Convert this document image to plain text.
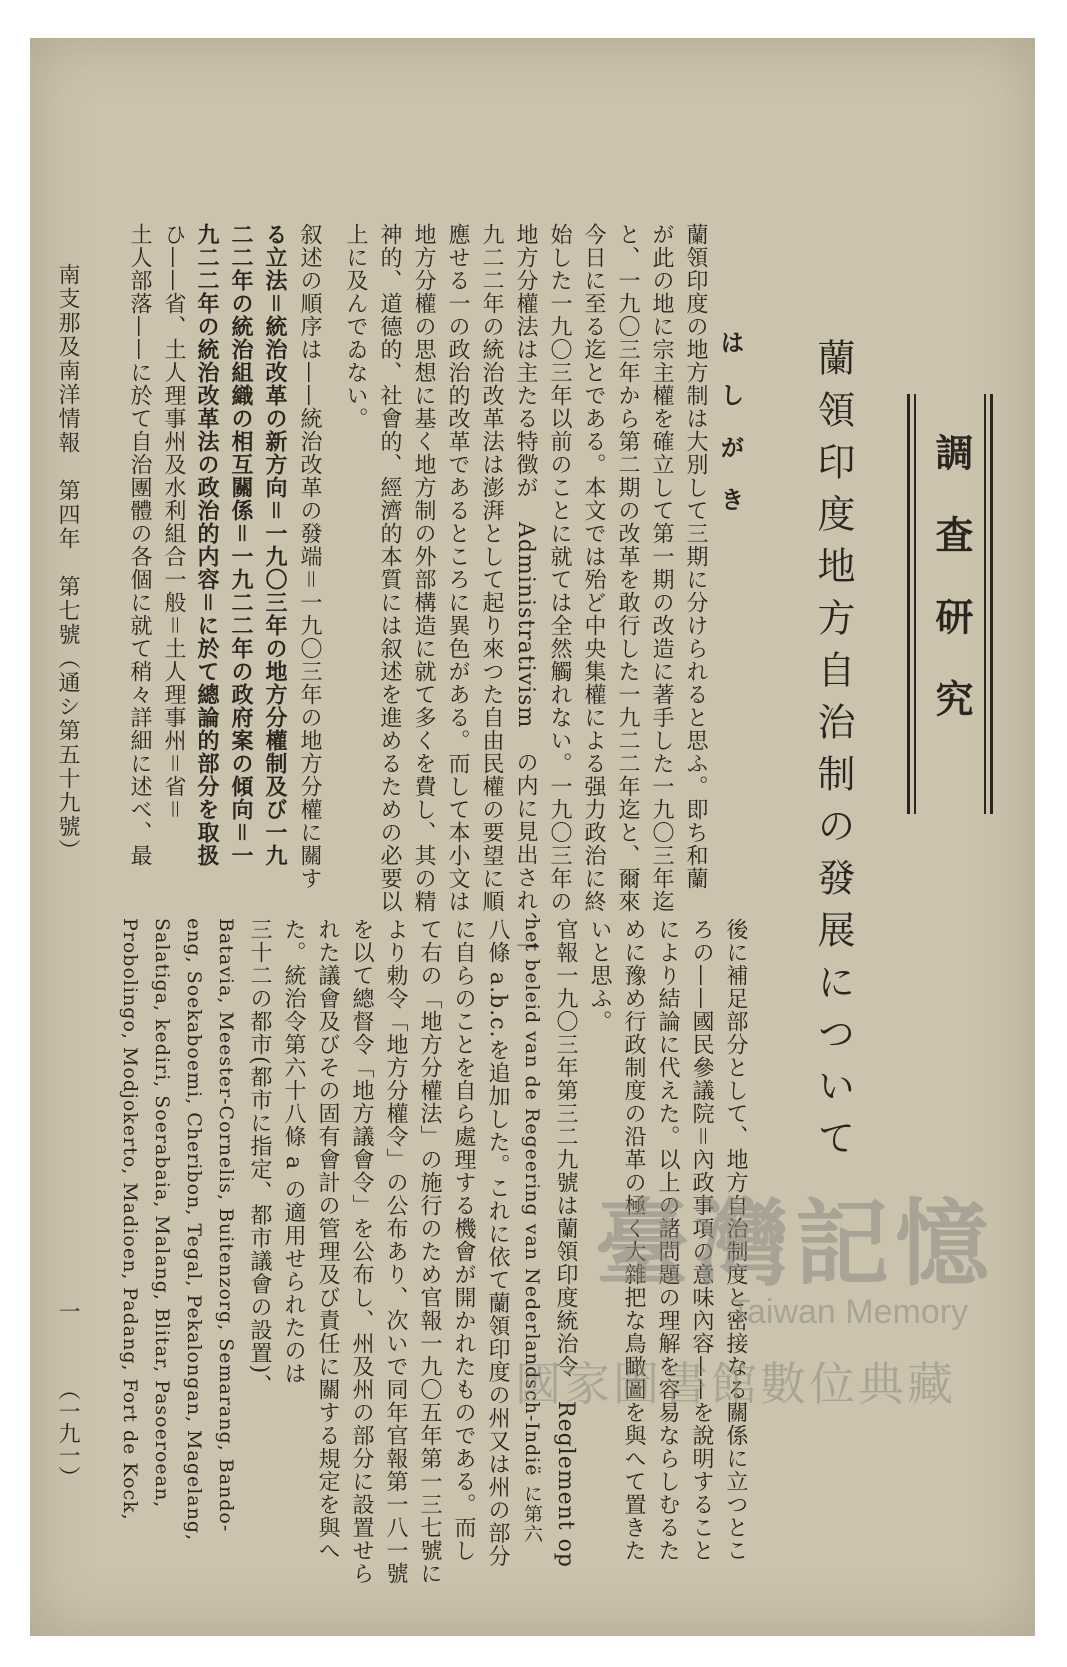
調査研究
蘭領印度地方自治制の發展について
は し が き
蘭領印度の地方制は大別して三期に分けられると思ふ。即ち和蘭
が此の地に宗主權を確立して第一期の改造に著手した一九〇三年迄
と、一九〇三年から第二期の改革を敢行した一九二二年迄と、爾來
今日に至る迄とである。本文では殆ど中央集權による强力政治に終
始した一九〇三年以前のことに就ては全然觸れない。一九〇三年の
地方分權法は主たる特徴が　Administrativism　の内に見出され、一
九二二年の統治改革法は澎湃として起り來つた自由民權の要望に順
應せる一の政治的改革であるところに異色がある。而して本小文は
地方分權の思想に基く地方制の外部構造に就て多くを費し、其の精
神的、道德的、社會的、經濟的本質には叙述を進めるための必要以
上に及んでゐない。
叙述の順序は——統治改革の發端＝一九〇三年の地方分權に關す
る立法＝統治改革の新方向＝一九〇三年の地方分權制及び一九
二二年の統治組織の相互關係＝一九二二年の政府案の傾向＝一
九二二年の統治改革法の政治的内容＝に於て總論的部分を取扱
ひ——省、土人理事州及水利組合一般＝土人理事州＝省＝
土人部落——に於て自治團體の各個に就て稍々詳細に述べ、最
後に補足部分として、地方自治制度と密接なる關係に立つとこ
ろの——國民參議院＝內政事項の意味內容——を說明すること
により結論に代えた。以上の諸問題の理解を容易ならしむるた
めに豫め行政制度の沿革の極く大雜把な鳥瞰圖を與へて置きた
いと思ふ。
官報一九〇三年第三二九號は蘭領印度統治令　Reglement op
het beleid van de Regeering van Nederlandsch-Indië に第六
八條 a.b.c.を追加した。これに依て蘭領印度の州又は州の部分
に自らのことを自ら處理する機會が開かれたものである。而し
て右の「地方分權法」の施行のため官報一九〇五年第一三七號に
より勅令「地方分權令」の公布あり、次いで同年官報第一八一號
を以て總督令「地方議會令」を公布し、州及州の部分に設置せら
れた議會及びその固有會計の管理及び責任に關する規定を與へ
た。統治令第六十八條 a の適用せられたのは
三十二の都市(都市に指定、都市議會の設置)、
Batavia, Meester-Cornelis, Buitenzorg, Semarang, Bando-
eng, Soekaboemi, Cheribon, Tegal, Pekalongan, Magelang,
Salatiga, kediri, Soerabaia, Malang, Blitar, Pasoeroean,
Probolingo, Modjokerto, Madioen, Padang, Fort de Kock,
南支那及南洋情報　第四年　第七號（通シ第五十九號）
一
（一九一）
臺灣記憶
Taiwan Memory
國家圖書館數位典藏
